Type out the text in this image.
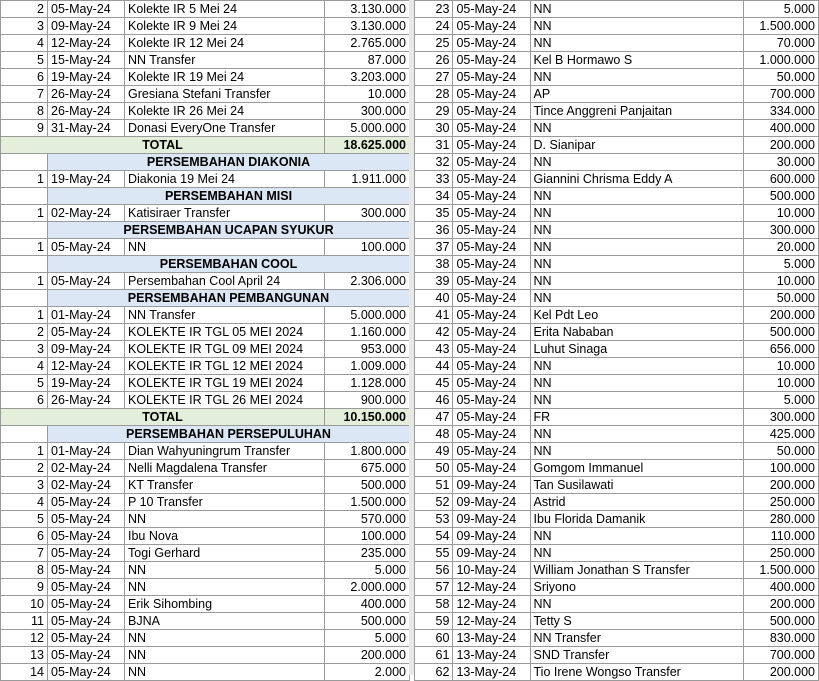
2	05-May-24	Kolekte IR 5 Mei 24	3.130.000
3	09-May-24	Kolekte IR 9 Mei 24	3.130.000
4	12-May-24	Kolekte IR 12 Mei 24	2.765.000
5	15-May-24	NN Transfer	87.000
6	19-May-24	Kolekte IR 19 Mei 24	3.203.000
7	26-May-24	Gresiana Stefani Transfer	10.000
8	26-May-24	Kolekte IR 26 Mei 24	300.000
9	31-May-24	Donasi EveryOne Transfer	5.000.000
TOTAL			18.625.000
	PERSEMBAHAN DIAKONIA		
1	19-May-24	Diakonia 19 Mei 24	1.911.000
	PERSEMBAHAN MISI		
1	02-May-24	Katisiraer Transfer	300.000
	PERSEMBAHAN UCAPAN SYUKUR		
1	05-May-24	NN	100.000
	PERSEMBAHAN COOL		
1	05-May-24	Persembahan Cool April 24	2.306.000
	PERSEMBAHAN PEMBANGUNAN		
1	01-May-24	NN Transfer	5.000.000
2	05-May-24	KOLEKTE IR TGL 05 MEI 2024	1.160.000
3	09-May-24	KOLEKTE IR TGL 09 MEI 2024	953.000
4	12-May-24	KOLEKTE IR TGL 12 MEI 2024	1.009.000
5	19-May-24	KOLEKTE IR TGL 19 MEI 2024	1.128.000
6	26-May-24	KOLEKTE IR TGL 26 MEI 2024	900.000
TOTAL			10.150.000
	PERSEMBAHAN PERSEPULUHAN		
1	01-May-24	Dian Wahyuningrum Transfer	1.800.000
2	02-May-24	Nelli Magdalena Transfer	675.000
3	02-May-24	KT Transfer	500.000
4	05-May-24	P 10 Transfer	1.500.000
5	05-May-24	NN	570.000
6	05-May-24	Ibu Nova	100.000
7	05-May-24	Togi Gerhard	235.000
8	05-May-24	NN	5.000
9	05-May-24	NN	2.000.000
10	05-May-24	Erik Sihombing	400.000
11	05-May-24	BJNA	500.000
12	05-May-24	NN	5.000
13	05-May-24	NN	200.000
14	05-May-24	NN	2.000
23	05-May-24	NN	5.000
24	05-May-24	NN	1.500.000
25	05-May-24	NN	70.000
26	05-May-24	Kel B Hormawo S	1.000.000
27	05-May-24	NN	50.000
28	05-May-24	AP	700.000
29	05-May-24	Tince Anggreni Panjaitan	334.000
30	05-May-24	NN	400.000
31	05-May-24	D. Sianipar	200.000
32	05-May-24	NN	30.000
33	05-May-24	Giannini Chrisma Eddy A	600.000
34	05-May-24	NN	500.000
35	05-May-24	NN	10.000
36	05-May-24	NN	300.000
37	05-May-24	NN	20.000
38	05-May-24	NN	5.000
39	05-May-24	NN	10.000
40	05-May-24	NN	50.000
41	05-May-24	Kel Pdt Leo	200.000
42	05-May-24	Erita Nababan	500.000
43	05-May-24	Luhut Sinaga	656.000
44	05-May-24	NN	10.000
45	05-May-24	NN	10.000
46	05-May-24	NN	5.000
47	05-May-24	FR	300.000
48	05-May-24	NN	425.000
49	05-May-24	NN	50.000
50	05-May-24	Gomgom Immanuel	100.000
51	09-May-24	Tan Susilawati	200.000
52	09-May-24	Astrid	250.000
53	09-May-24	Ibu Florida Damanik	280.000
54	09-May-24	NN	110.000
55	09-May-24	NN	250.000
56	10-May-24	William Jonathan S Transfer	1.500.000
57	12-May-24	Sriyono	400.000
58	12-May-24	NN	200.000
59	12-May-24	Tetty S	500.000
60	13-May-24	NN Transfer	830.000
61	13-May-24	SND Transfer	700.000
62	13-May-24	Tio Irene Wongso Transfer	200.000
